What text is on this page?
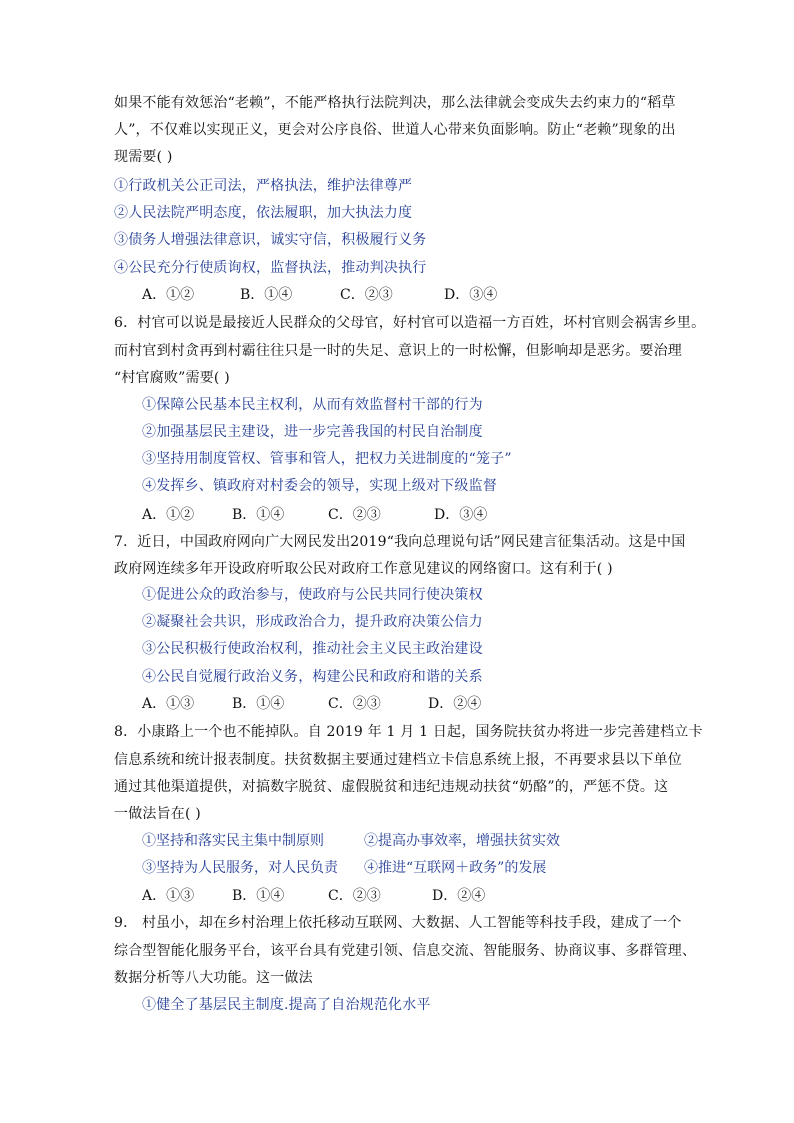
如果不能有效惩治“老赖”，不能严格执行法院判决，那么法律就会变成失去约束力的“稻草
人”，不仅难以实现正义，更会对公序良俗、世道人心带来负面影响。防止“老赖”现象的出
现需要( )
①行政机关公正司法，严格执法，维护法律尊严
②人民法院严明态度，依法履职，加大执法力度
③债务人增强法律意识，诚实守信，积极履行义务
④公民充分行使质询权，监督执法，推动判决执行
A．①②	B．①④	C．②③	D．③④
6．村官可以说是最接近人民群众的父母官，好村官可以造福一方百姓，坏村官则会祸害乡里。
而村官到村贪再到村霸往往只是一时的失足、意识上的一时松懈，但影响却是恶劣。要治理
“村官腐败”需要( )
①保障公民基本民主权利，从而有效监督村干部的行为
②加强基层民主建设，进一步完善我国的村民自治制度
③坚持用制度管权、管事和管人，把权力关进制度的“笼子”
④发挥乡、镇政府对村委会的领导，实现上级对下级监督
A．①②	B．①④	C．②③	D．③④
7．近日，中国政府网向广大网民发出2019“我向总理说句话”网民建言征集活动。这是中国
政府网连续多年开设政府听取公民对政府工作意见建议的网络窗口。这有利于( )
①促进公众的政治参与，使政府与公民共同行使决策权
②凝聚社会共识，形成政治合力，提升政府决策公信力
③公民积极行使政治权利，推动社会主义民主政治建设
④公民自觉履行政治义务，构建公民和政府和谐的关系
A．①③	B．①④	C．②③	D．②④
8．小康路上一个也不能掉队。自 2019 年 1 月 1 日起，国务院扶贫办将进一步完善建档立卡
信息系统和统计报表制度。扶贫数据主要通过建档立卡信息系统上报，不再要求县以下单位
通过其他渠道提供，对搞数字脱贫、虚假脱贫和违纪违规动扶贫“奶酪”的，严惩不贷。这
一做法旨在( )
①坚持和落实民主集中制原则	②提高办事效率，增强扶贫实效
③坚持为人民服务，对人民负责 ④推进“互联网＋政务”的发展
A．①③	B．①④	C．②③	D．②④
9． 村虽小，却在乡村治理上依托移动互联网、大数据、人工智能等科技手段，建成了一个
综合型智能化服务平台，该平台具有党建引领、信息交流、智能服务、协商议事、多群管理、
数据分析等八大功能。这一做法
①健全了基层民主制度.提高了自治规范化水平
